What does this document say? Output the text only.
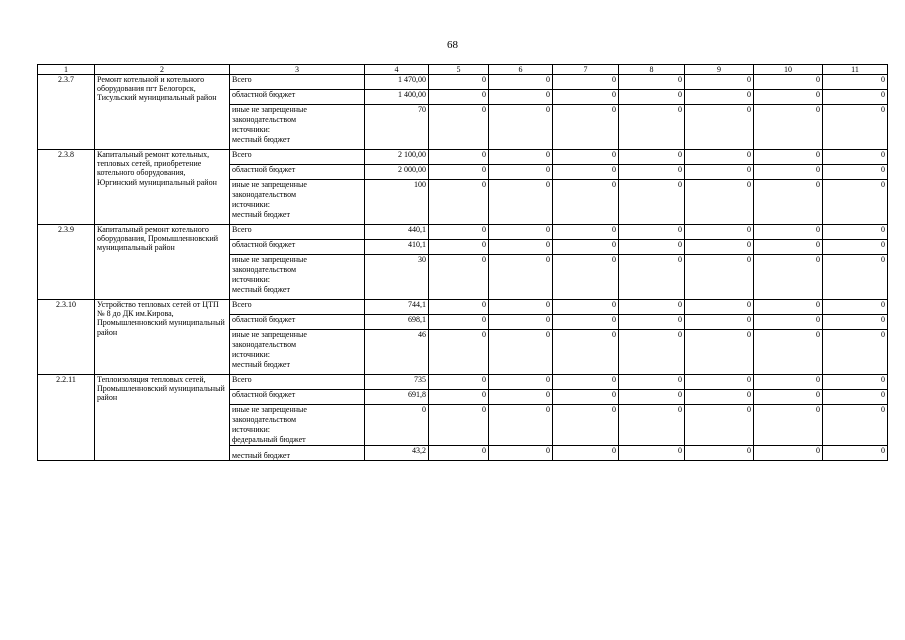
68
1	2	3	4	5	6	7	8	9	10	11
2.3.7	Ремонт котельной и котельного оборудования пгт Белогорск, Тисульский муниципальный район	Всего	1 470,00	0	0	0	0	0	0	0
		областной бюджет	1 400,00	0	0	0	0	0	0	0

		иные не запрещенные
законодательством
источники:
местный бюджет	70	0	0	0	0	0	0	0
2.3.8	Капитальный ремонт котельных, тепловых сетей, приобретение котельного оборудования, Юргинский муниципальный район	Всего	2 100,00	0	0	0	0	0	0	0
		областной бюджет	2 000,00	0	0	0	0	0	0	0

		иные не запрещенные
законодательством
источники:
местный бюджет	100	0	0	0	0	0	0	0
2.3.9	Капитальный ремонт котельного оборудования, Промышленновский муниципальный район	Всего	440,1	0	0	0	0	0	0	0
		областной бюджет	410,1	0	0	0	0	0	0	0

		иные не запрещенные
законодательством
источники:
местный бюджет	30	0	0	0	0	0	0	0
2.3.10	Устройство тепловых сетей от ЦТП № 8 до ДК им.Кирова, Промышленновский муниципальный район	Всего	744,1	0	0	0	0	0	0	0
		областной бюджет	698,1	0	0	0	0	0	0	0

		иные не запрещенные
законодательством
источники:
местный бюджет	46	0	0	0	0	0	0	0
2.2.11	Теплоизоляция тепловых сетей, Промышленновский муниципальный район	Всего	735	0	0	0	0	0	0	0
		областной бюджет	691,8	0	0	0	0	0	0	0

		иные не запрещенные
законодательством
источники:
федеральный бюджет	0	0	0	0	0	0	0	0
		местный бюджет	43,2	0	0	0	0	0	0	0
